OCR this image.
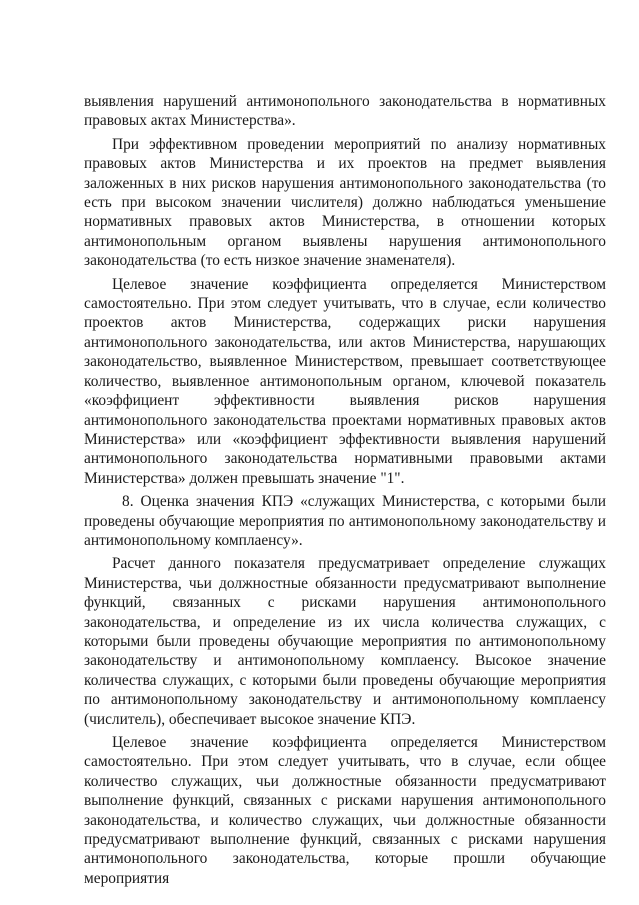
выявления нарушений антимонопольного законодательства в нормативных правовых актах Министерства».

При эффективном проведении мероприятий по анализу нормативных правовых актов Министерства и их проектов на предмет выявления заложенных в них рисков нарушения антимонопольного законодательства (то есть при высоком значении числителя) должно наблюдаться уменьшение нормативных правовых актов Министерства, в отношении которых антимонопольным органом выявлены нарушения антимонопольного законодательства (то есть низкое значение знаменателя).

Целевое значение коэффициента определяется Министерством самостоятельно. При этом следует учитывать, что в случае, если количество проектов актов Министерства, содержащих риски нарушения антимонопольного законодательства, или актов Министерства, нарушающих законодательство, выявленное Министерством, превышает соответствующее количество, выявленное антимонопольным органом, ключевой показатель «коэффициент эффективности выявления рисков нарушения антимонопольного законодательства проектами нормативных правовых актов Министерства» или «коэффициент эффективности выявления нарушений антимонопольного законодательства нормативными правовыми актами Министерства» должен превышать значение "1".

8. Оценка значения КПЭ «служащих Министерства, с которыми были проведены обучающие мероприятия по антимонопольному законодательству и антимонопольному комплаенсу».

Расчет данного показателя предусматривает определение служащих Министерства, чьи должностные обязанности предусматривают выполнение функций, связанных с рисками нарушения антимонопольного законодательства, и определение из их числа количества служащих, с которыми были проведены обучающие мероприятия по антимонопольному законодательству и антимонопольному комплаенсу. Высокое значение количества служащих, с которыми были проведены обучающие мероприятия по антимонопольному законодательству и антимонопольному комплаенсу (числитель), обеспечивает высокое значение КПЭ.

Целевое значение коэффициента определяется Министерством самостоятельно. При этом следует учитывать, что в случае, если общее количество служащих, чьи должностные обязанности предусматривают выполнение функций, связанных с рисками нарушения антимонопольного законодательства, и количество служащих, чьи должностные обязанности предусматривают выполнение функций, связанных с рисками нарушения антимонопольного законодательства, которые прошли обучающие мероприятия
